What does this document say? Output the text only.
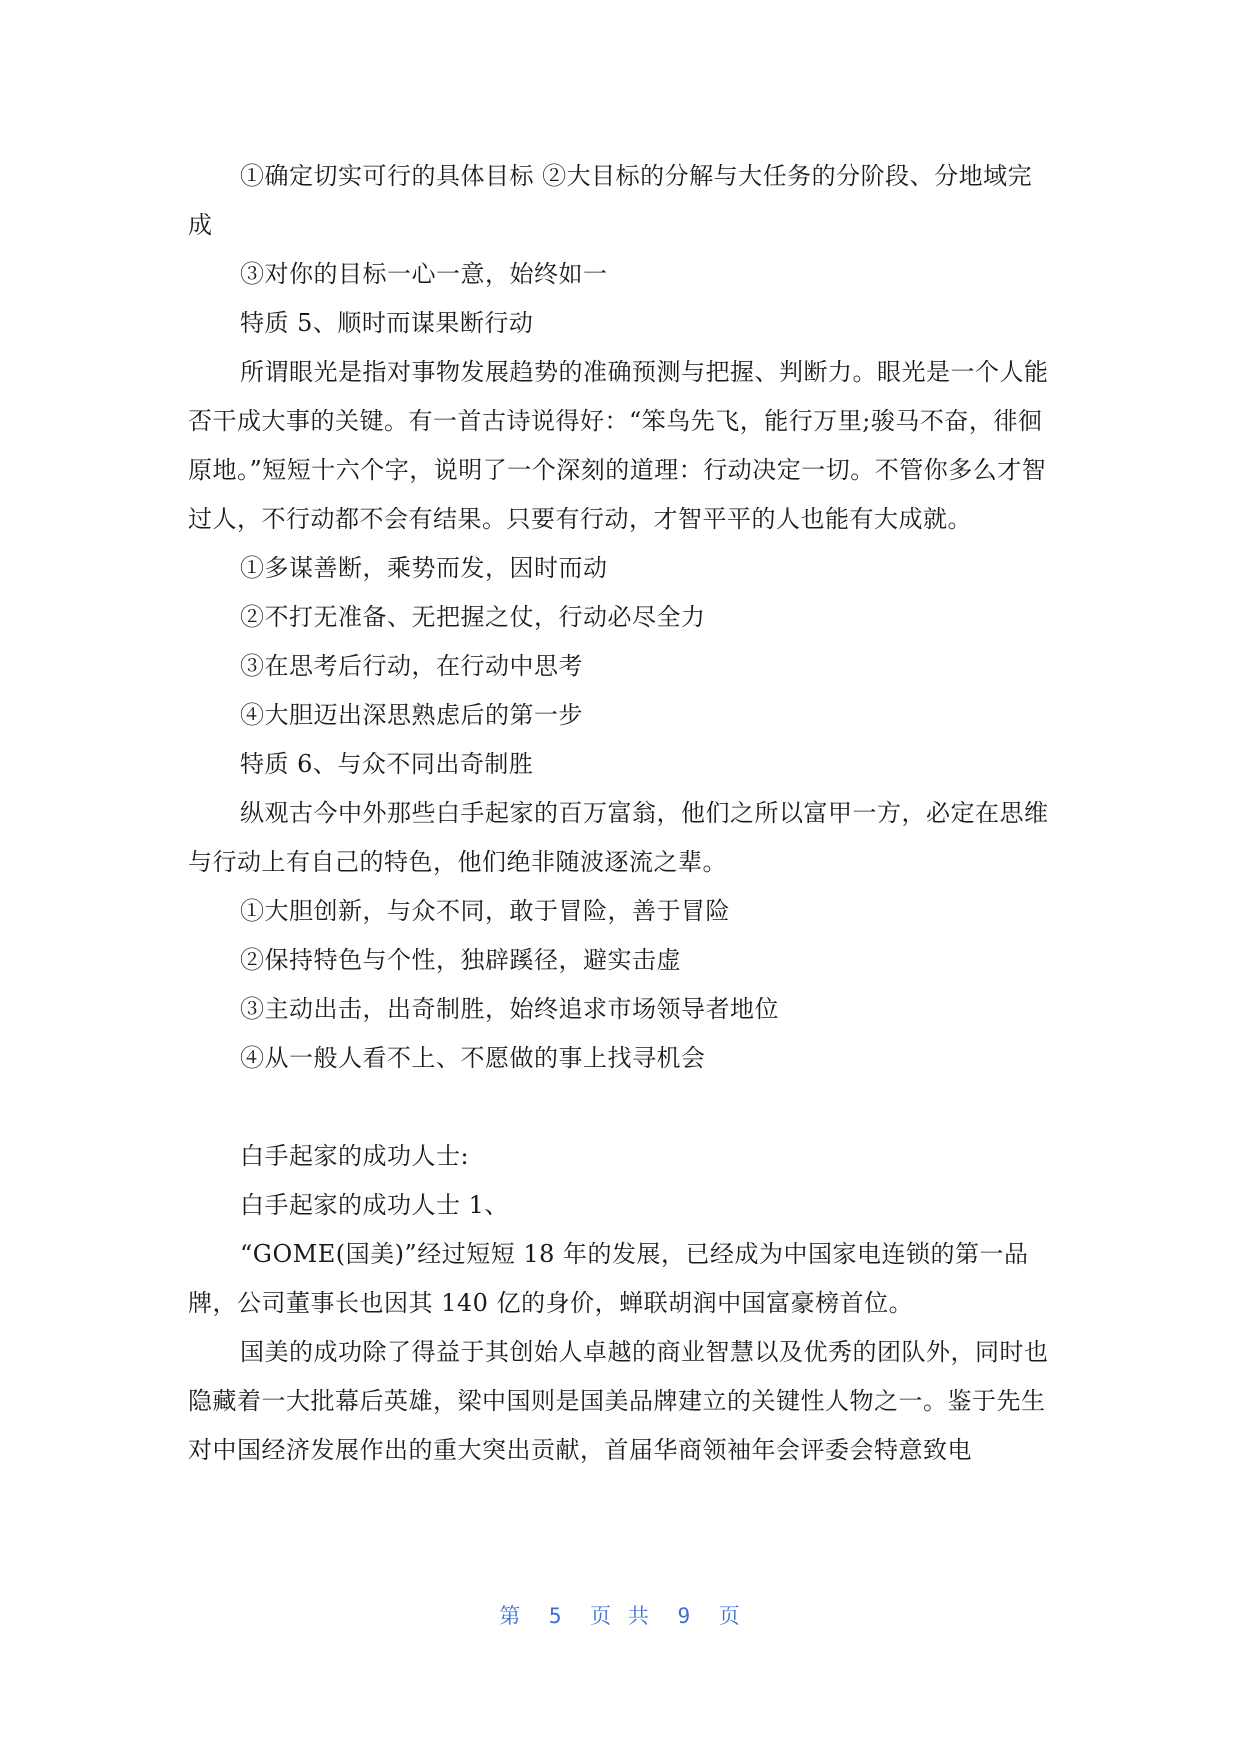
①确定切实可行的具体目标 ②大目标的分解与大任务的分阶段、分地域完成

③对你的目标一心一意，始终如一

特质 5、顺时而谋果断行动

所谓眼光是指对事物发展趋势的准确预测与把握、判断力。眼光是一个人能否干成大事的关键。有一首古诗说得好：“笨鸟先飞，能行万里;骏马不奋，徘徊原地。”短短十六个字，说明了一个深刻的道理：行动决定一切。不管你多么才智过人，不行动都不会有结果。只要有行动，才智平平的人也能有大成就。

①多谋善断，乘势而发，因时而动

②不打无准备、无把握之仗，行动必尽全力

③在思考后行动，在行动中思考

④大胆迈出深思熟虑后的第一步

特质 6、与众不同出奇制胜

纵观古今中外那些白手起家的百万富翁，他们之所以富甲一方，必定在思维与行动上有自己的特色，他们绝非随波逐流之辈。

①大胆创新，与众不同，敢于冒险，善于冒险

②保持特色与个性，独辟蹊径，避实击虚

③主动出击，出奇制胜，始终追求市场领导者地位

④从一般人看不上、不愿做的事上找寻机会

白手起家的成功人士:

白手起家的成功人士 1、

“GOME(国美)”经过短短 18 年的发展，已经成为中国家电连锁的第一品牌，公司董事长也因其 140 亿的身价，蝉联胡润中国富豪榜首位。

国美的成功除了得益于其创始人卓越的商业智慧以及优秀的团队外，同时也隐藏着一大批幕后英雄，梁中国则是国美品牌建立的关键性人物之一。鉴于先生对中国经济发展作出的重大突出贡献，首届华商领袖年会评委会特意致电

第 5 页 共 9 页
